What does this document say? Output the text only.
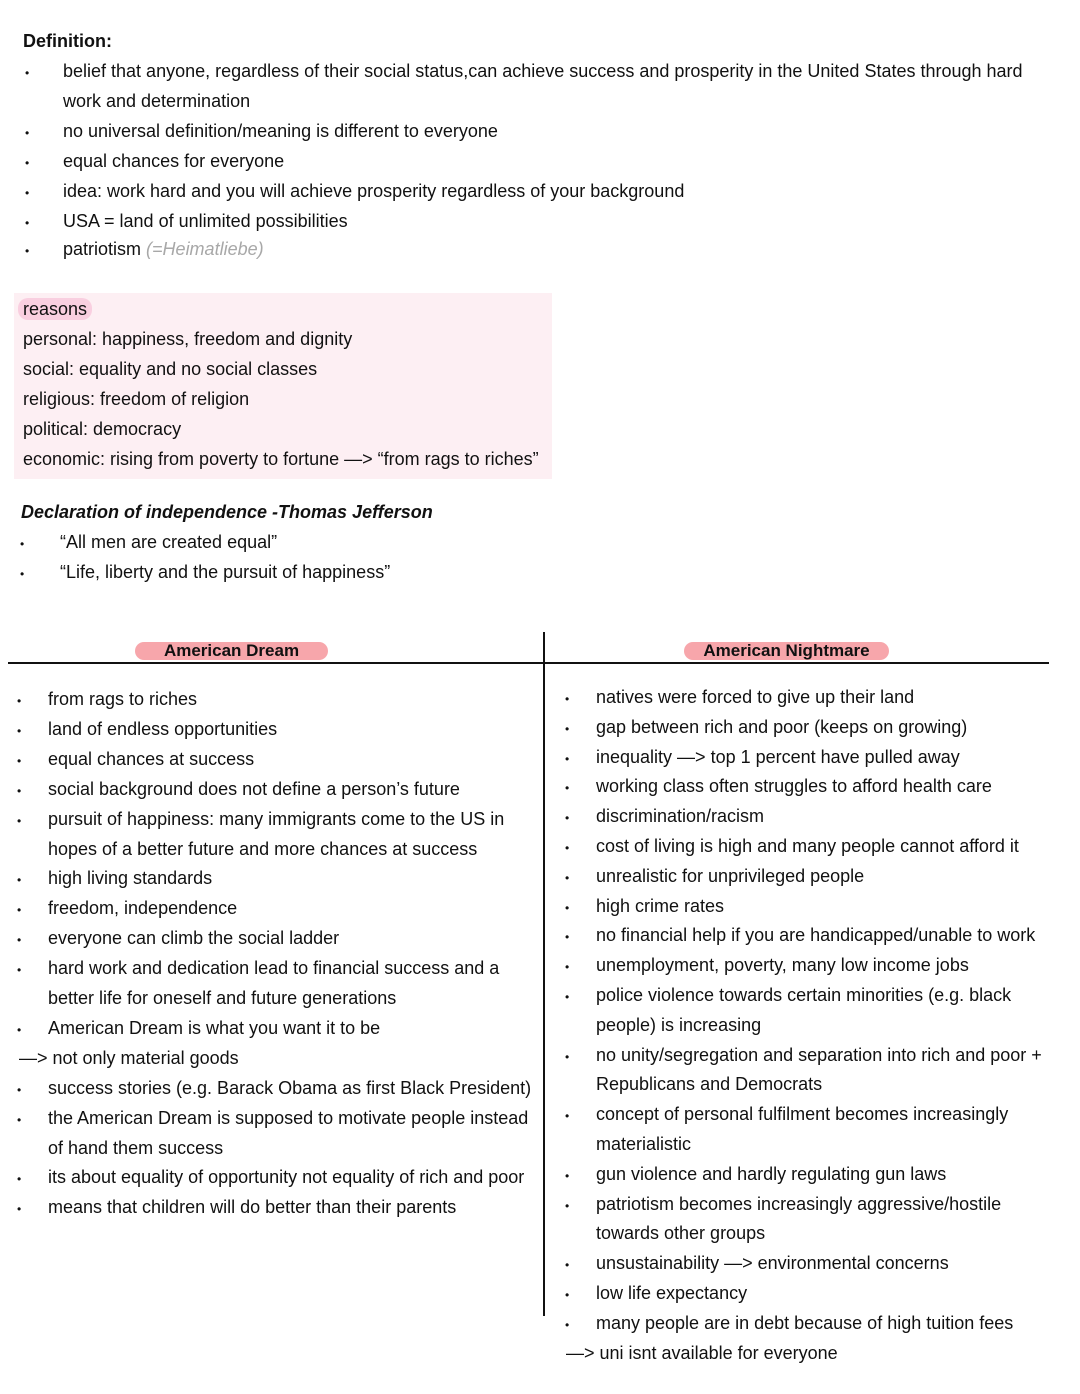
Definition:
• belief that anyone, regardless of their social status,can achieve success and prosperity in the United States through hard
work and determination
• no universal definition/meaning is different to everyone
• equal chances for everyone
• idea: work hard and you will achieve prosperity regardless of your background
• USA = land of unlimited possibilities
• patriotism (=Heimatliebe)
reasons
personal: happiness, freedom and dignity
social: equality and no social classes
religious: freedom of religion
political: democracy
economic: rising from poverty to fortune —> “from rags to riches”
Declaration of independence -Thomas Jefferson
• “All men are created equal”
• “Life, liberty and the pursuit of happiness”
American Dream	American Nightmare
• from rags to riches
• land of endless opportunities
• equal chances at success
• social background does not define a person’s future
• pursuit of happiness: many immigrants come to the US in
hopes of a better future and more chances at success
• high living standards
• freedom, independence
• everyone can climb the social ladder
• hard work and dedication lead to financial success and a
better life for oneself and future generations
• American Dream is what you want it to be
—> not only material goods
• success stories (e.g. Barack Obama as first Black President)
• the American Dream is supposed to motivate people instead
of hand them success
• its about equality of opportunity not equality of rich and poor
• means that children will do better than their parents
• natives were forced to give up their land
• gap between rich and poor (keeps on growing)
• inequality —> top 1 percent have pulled away
• working class often struggles to afford health care
• discrimination/racism
• cost of living is high and many people cannot afford it
• unrealistic for unprivileged people
• high crime rates
• no financial help if you are handicapped/unable to work
• unemployment, poverty, many low income jobs
• police violence towards certain minorities (e.g. black
people) is increasing
• no unity/segregation and separation into rich and poor +
Republicans and Democrats
• concept of personal fulfilment becomes increasingly
materialistic
• gun violence and hardly regulating gun laws
• patriotism becomes increasingly aggressive/hostile
towards other groups
• unsustainability —> environmental concerns
• low life expectancy
• many people are in debt because of high tuition fees
—> uni isnt available for everyone
